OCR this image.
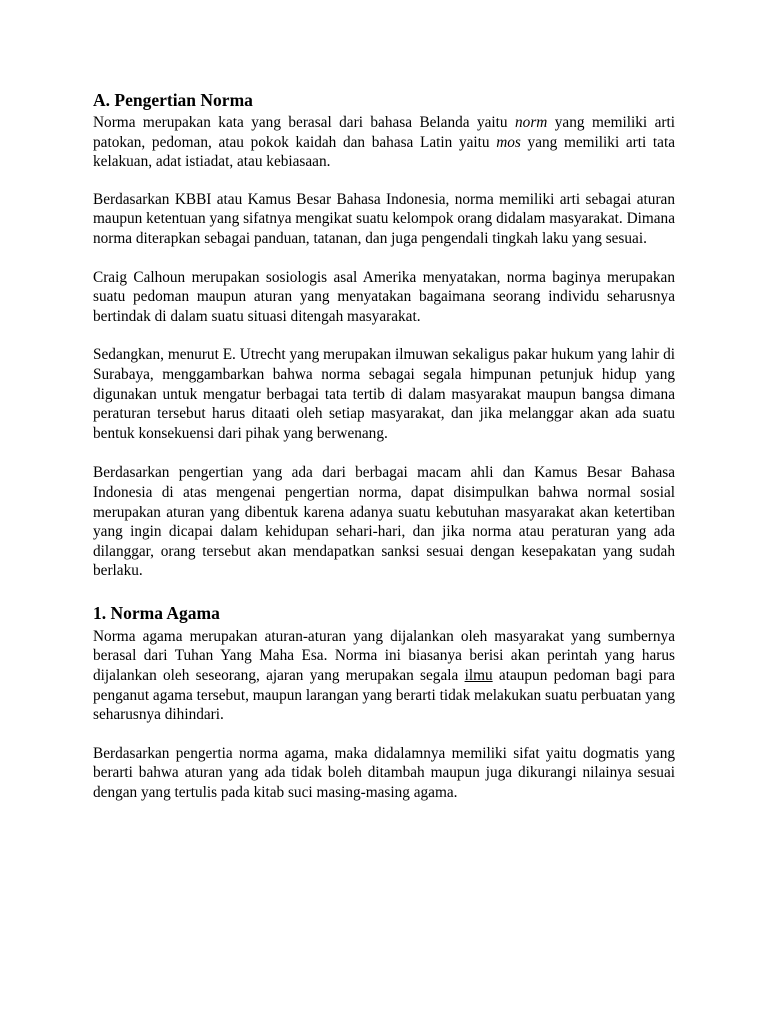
A. Pengertian Norma

Norma merupakan kata yang berasal dari bahasa Belanda yaitu norm yang memiliki arti patokan, pedoman, atau pokok kaidah dan bahasa Latin yaitu mos yang memiliki arti tata kelakuan, adat istiadat, atau kebiasaan.

Berdasarkan KBBI atau Kamus Besar Bahasa Indonesia, norma memiliki arti sebagai aturan maupun ketentuan yang sifatnya mengikat suatu kelompok orang didalam masyarakat. Dimana norma diterapkan sebagai panduan, tatanan, dan juga pengendali tingkah laku yang sesuai.

Craig Calhoun merupakan sosiologis asal Amerika menyatakan, norma baginya merupakan suatu pedoman maupun aturan yang menyatakan bagaimana seorang individu seharusnya bertindak di dalam suatu situasi ditengah masyarakat.

Sedangkan, menurut E. Utrecht yang merupakan ilmuwan sekaligus pakar hukum yang lahir di Surabaya, menggambarkan bahwa norma sebagai segala himpunan petunjuk hidup yang digunakan untuk mengatur berbagai tata tertib di dalam masyarakat maupun bangsa dimana peraturan tersebut harus ditaati oleh setiap masyarakat, dan jika melanggar akan ada suatu bentuk konsekuensi dari pihak yang berwenang.

Berdasarkan pengertian yang ada dari berbagai macam ahli dan Kamus Besar Bahasa Indonesia di atas mengenai pengertian norma, dapat disimpulkan bahwa normal sosial merupakan aturan yang dibentuk karena adanya suatu kebutuhan masyarakat akan ketertiban yang ingin dicapai dalam kehidupan sehari-hari, dan jika norma atau peraturan yang ada dilanggar, orang tersebut akan mendapatkan sanksi sesuai dengan kesepakatan yang sudah berlaku.

1. Norma Agama

Norma agama merupakan aturan-aturan yang dijalankan oleh masyarakat yang sumbernya berasal dari Tuhan Yang Maha Esa. Norma ini biasanya berisi akan perintah yang harus dijalankan oleh seseorang, ajaran yang merupakan segala ilmu ataupun pedoman bagi para penganut agama tersebut, maupun larangan yang berarti tidak melakukan suatu perbuatan yang seharusnya dihindari.

Berdasarkan pengertia norma agama, maka didalamnya memiliki sifat yaitu dogmatis yang berarti bahwa aturan yang ada tidak boleh ditambah maupun juga dikurangi nilainya sesuai dengan yang tertulis pada kitab suci masing-masing agama.
